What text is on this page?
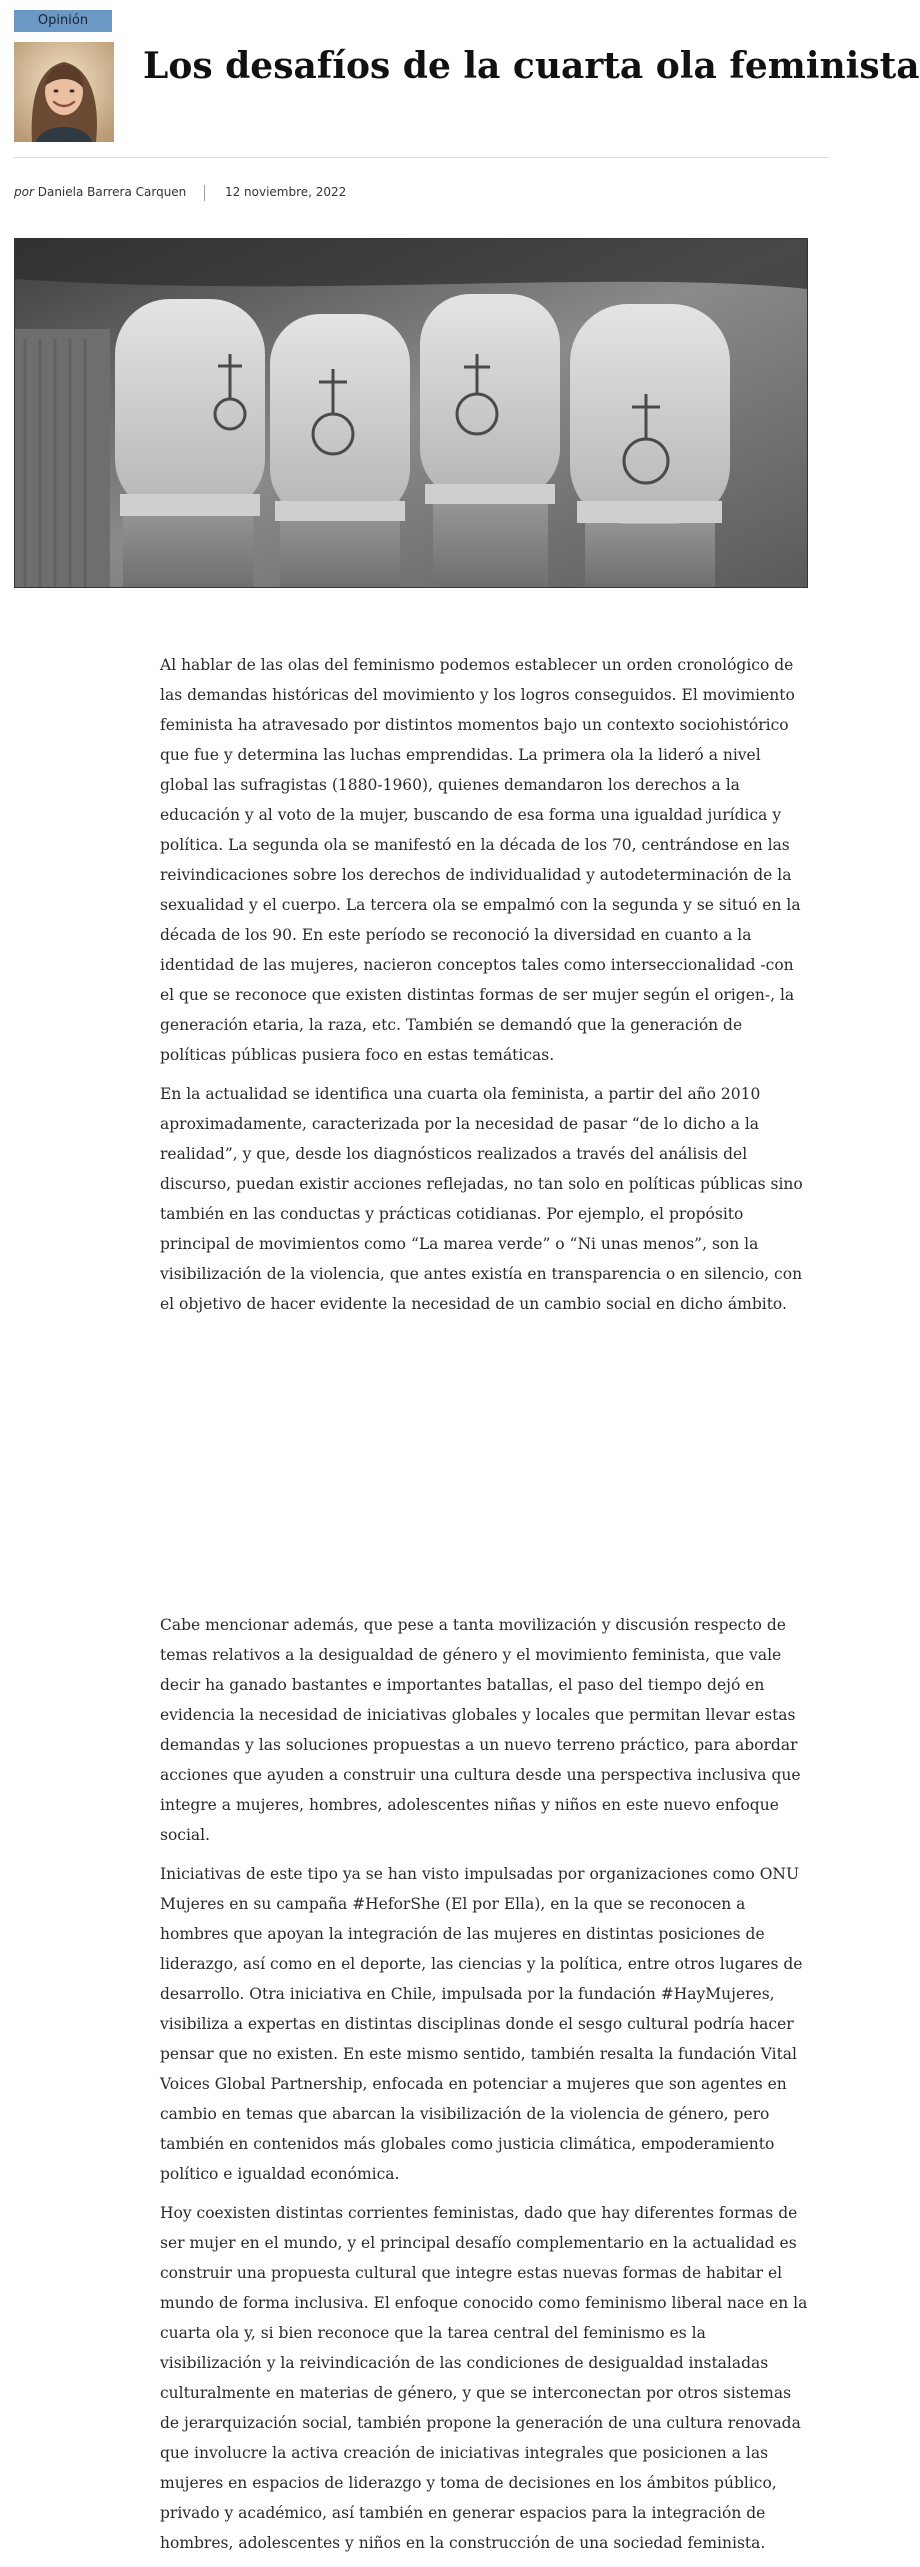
Opinión
Los desafíos de la cuarta ola feminista
por Daniela Barrera Carquen	12 noviembre, 2022

Al hablar de las olas del feminismo podemos establecer un orden cronológico de las demandas históricas del movimiento y los logros conseguidos. El movimiento feminista ha atravesado por distintos momentos bajo un contexto sociohistórico que fue y determina las luchas emprendidas. La primera ola la lideró a nivel global las sufragistas (1880-1960), quienes demandaron los derechos a la educación y al voto de la mujer, buscando de esa forma una igualdad jurídica y política. La segunda ola se manifestó en la década de los 70, centrándose en las reivindicaciones sobre los derechos de individualidad y autodeterminación de la sexualidad y el cuerpo. La tercera ola se empalmó con la segunda y se situó en la década de los 90. En este período se reconoció la diversidad en cuanto a la identidad de las mujeres, nacieron conceptos tales como interseccionalidad -con el que se reconoce que existen distintas formas de ser mujer según el origen-, la generación etaria, la raza, etc. También se demandó que la generación de políticas públicas pusiera foco en estas temáticas.

En la actualidad se identifica una cuarta ola feminista, a partir del año 2010 aproximadamente, caracterizada por la necesidad de pasar “de lo dicho a la realidad”, y que, desde los diagnósticos realizados a través del análisis del discurso, puedan existir acciones reflejadas, no tan solo en políticas públicas sino también en las conductas y prácticas cotidianas. Por ejemplo, el propósito principal de movimientos como “La marea verde” o “Ni unas menos”, son la visibilización de la violencia, que antes existía en transparencia o en silencio, con el objetivo de hacer evidente la necesidad de un cambio social en dicho ámbito.

Cabe mencionar además, que pese a tanta movilización y discusión respecto de temas relativos a la desigualdad de género y el movimiento feminista, que vale decir ha ganado bastantes e importantes batallas, el paso del tiempo dejó en evidencia la necesidad de iniciativas globales y locales que permitan llevar estas demandas y las soluciones propuestas a un nuevo terreno práctico, para abordar acciones que ayuden a construir una cultura desde una perspectiva inclusiva que integre a mujeres, hombres, adolescentes niñas y niños en este nuevo enfoque social.

Iniciativas de este tipo ya se han visto impulsadas por organizaciones como ONU Mujeres en su campaña #HeforShe (El por Ella), en la que se reconocen a hombres que apoyan la integración de las mujeres en distintas posiciones de liderazgo, así como en el deporte, las ciencias y la política, entre otros lugares de desarrollo. Otra iniciativa en Chile, impulsada por la fundación #HayMujeres, visibiliza a expertas en distintas disciplinas donde el sesgo cultural podría hacer pensar que no existen. En este mismo sentido, también resalta la fundación Vital Voices Global Partnership, enfocada en potenciar a mujeres que son agentes en cambio en temas que abarcan la visibilización de la violencia de género, pero también en contenidos más globales como justicia climática, empoderamiento político e igualdad económica.

Hoy coexisten distintas corrientes feministas, dado que hay diferentes formas de ser mujer en el mundo, y el principal desafío complementario en la actualidad es construir una propuesta cultural que integre estas nuevas formas de habitar el mundo de forma inclusiva. El enfoque conocido como feminismo liberal nace en la cuarta ola y, si bien reconoce que la tarea central del feminismo es la visibilización y la reivindicación de las condiciones de desigualdad instaladas culturalmente en materias de género, y que se interconectan por otros sistemas de jerarquización social, también propone la generación de una cultura renovada que involucre la activa creación de iniciativas integrales que posicionen a las mujeres en espacios de liderazgo y toma de decisiones en los ámbitos público, privado y académico, así también en generar espacios para la integración de hombres, adolescentes y niños en la construcción de una sociedad feminista.
